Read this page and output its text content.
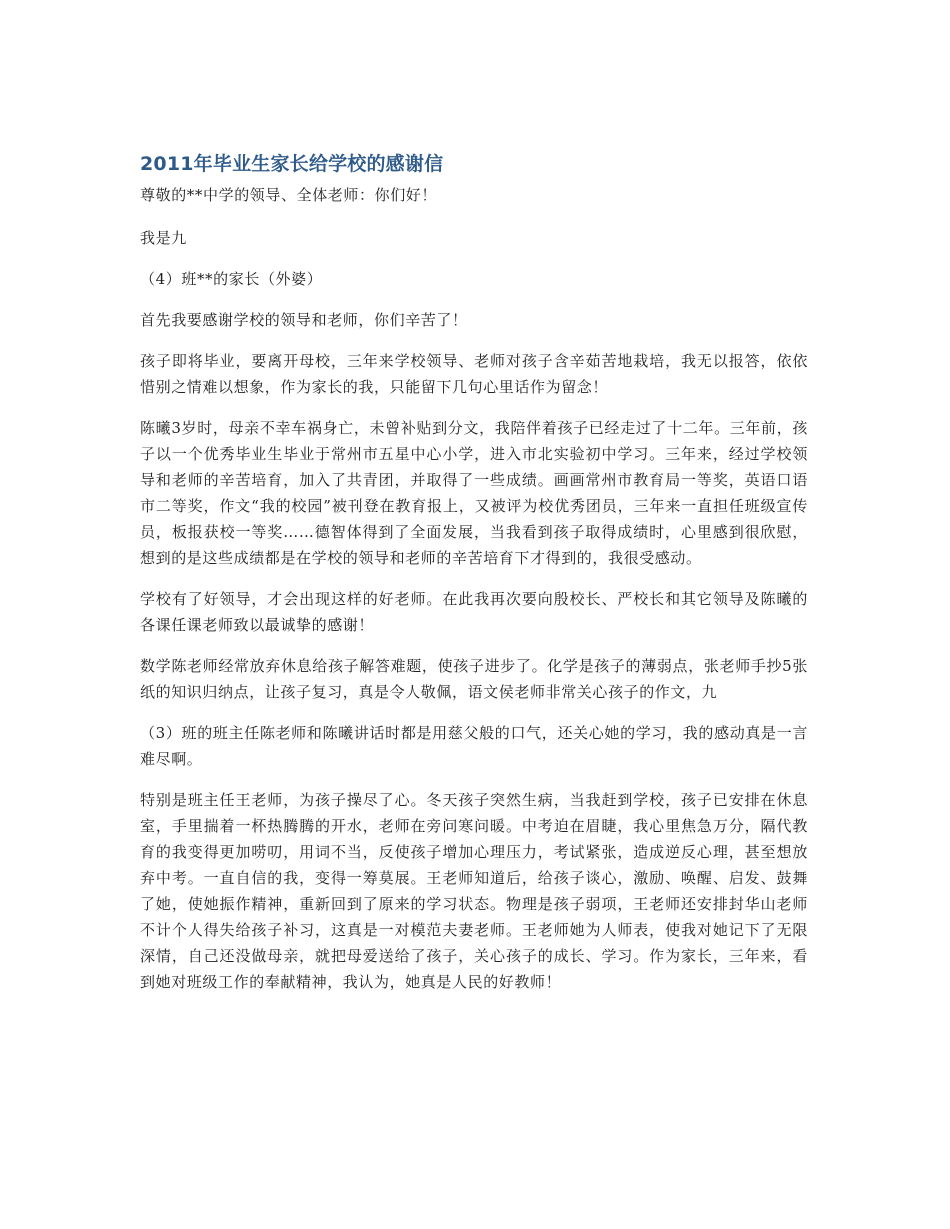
2011年毕业生家长给学校的感谢信
尊敬的**中学的领导、全体老师：你们好！
我是九
（4）班**的家长（外婆）
首先我要感谢学校的领导和老师，你们辛苦了！
孩子即将毕业，要离开母校，三年来学校领导、老师对孩子含辛茹苦地栽培，我无以报答，依依惜别之情难以想象，作为家长的我，只能留下几句心里话作为留念！
陈曦3岁时，母亲不幸车祸身亡，未曾补贴到分文，我陪伴着孩子已经走过了十二年。三年前，孩子以一个优秀毕业生毕业于常州市五星中心小学，进入市北实验初中学习。三年来，经过学校领导和老师的辛苦培育，加入了共青团，并取得了一些成绩。画画常州市教育局一等奖，英语口语市二等奖，作文“我的校园”被刊登在教育报上，又被评为校优秀团员，三年来一直担任班级宣传员，板报获校一等奖……德智体得到了全面发展，当我看到孩子取得成绩时，心里感到很欣慰，想到的是这些成绩都是在学校的领导和老师的辛苦培育下才得到的，我很受感动。
学校有了好领导，才会出现这样的好老师。在此我再次要向殷校长、严校长和其它领导及陈曦的各课任课老师致以最诚挚的感谢！
数学陈老师经常放弃休息给孩子解答难题，使孩子进步了。化学是孩子的薄弱点，张老师手抄5张纸的知识归纳点，让孩子复习，真是令人敬佩，语文侯老师非常关心孩子的作文，九
（3）班的班主任陈老师和陈曦讲话时都是用慈父般的口气，还关心她的学习，我的感动真是一言难尽啊。
特别是班主任王老师，为孩子操尽了心。冬天孩子突然生病，当我赶到学校，孩子已安排在休息室，手里揣着一杯热腾腾的开水，老师在旁问寒问暖。中考迫在眉睫，我心里焦急万分，隔代教育的我变得更加唠叨，用词不当，反使孩子增加心理压力，考试紧张，造成逆反心理，甚至想放弃中考。一直自信的我，变得一筹莫展。王老师知道后，给孩子谈心，激励、唤醒、启发、鼓舞了她，使她振作精神，重新回到了原来的学习状态。物理是孩子弱项，王老师还安排封华山老师不计个人得失给孩子补习，这真是一对模范夫妻老师。王老师她为人师表，使我对她记下了无限深情，自己还没做母亲，就把母爱送给了孩子，关心孩子的成长、学习。作为家长，三年来，看到她对班级工作的奉献精神，我认为，她真是人民的好教师！
